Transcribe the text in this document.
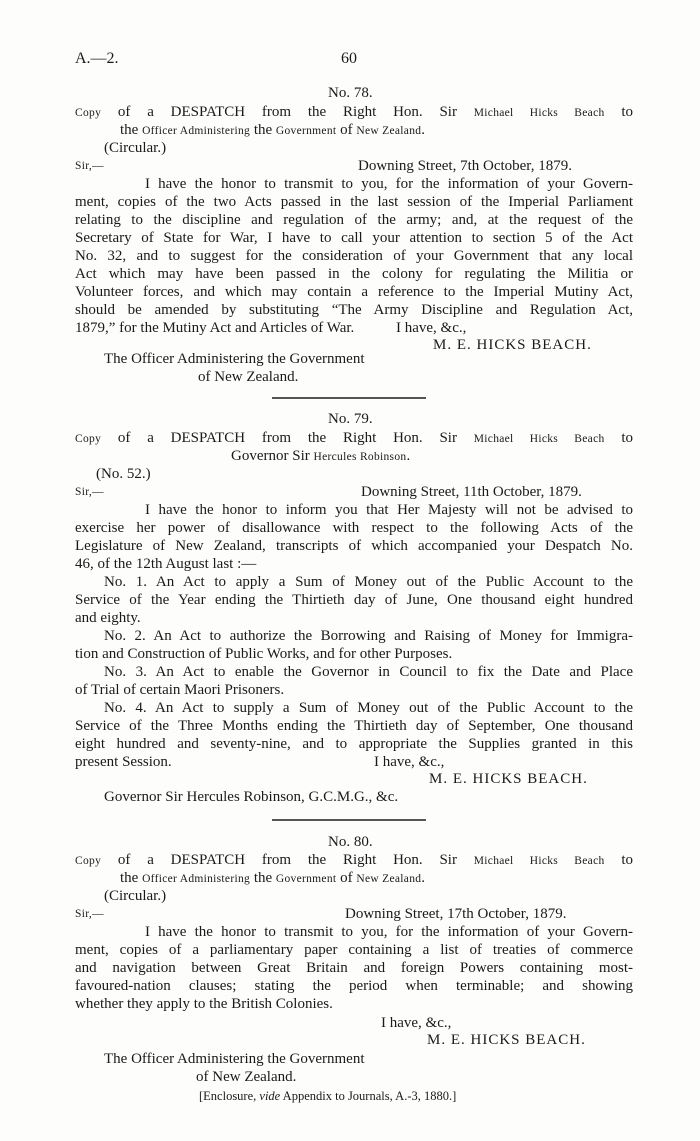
A.—2.	60
No. 78.
Copy of a DESPATCH from the Right Hon. Sir Michael Hicks Beach to
the Officer Administering the Government of New Zealand.
(Circular.)
Sir,—	Downing Street, 7th October, 1879.
I have the honor to transmit to you, for the information of your Govern-
ment, copies of the two Acts passed in the last session of the Imperial Parliament
relating to the discipline and regulation of the army; and, at the request of the
Secretary of State for War, I have to call your attention to section 5 of the Act
No. 32, and to suggest for the consideration of your Government that any local
Act which may have been passed in the colony for regulating the Militia or
Volunteer forces, and which may contain a reference to the Imperial Mutiny Act,
should be amended by substituting “The Army Discipline and Regulation Act,
1879,” for the Mutiny Act and Articles of War.	I have, &c.,
M. E. HICKS BEACH.
The Officer Administering the Government
of New Zealand.
No. 79.
Copy of a DESPATCH from the Right Hon. Sir Michael Hicks Beach to
Governor Sir Hercules Robinson.
(No. 52.)
Sir,—	Downing Street, 11th October, 1879.
I have the honor to inform you that Her Majesty will not be advised to
exercise her power of disallowance with respect to the following Acts of the
Legislature of New Zealand, transcripts of which accompanied your Despatch No.
46, of the 12th August last :—
No. 1. An Act to apply a Sum of Money out of the Public Account to the
Service of the Year ending the Thirtieth day of June, One thousand eight hundred
and eighty.
No. 2. An Act to authorize the Borrowing and Raising of Money for Immigra-
tion and Construction of Public Works, and for other Purposes.
No. 3. An Act to enable the Governor in Council to fix the Date and Place
of Trial of certain Maori Prisoners.
No. 4. An Act to supply a Sum of Money out of the Public Account to the
Service of the Three Months ending the Thirtieth day of September, One thousand
eight hundred and seventy-nine, and to appropriate the Supplies granted in this
present Session.	I have, &c.,
M. E. HICKS BEACH.
Governor Sir Hercules Robinson, G.C.M.G., &c.
No. 80.
Copy of a DESPATCH from the Right Hon. Sir Michael Hicks Beach to
the Officer Administering the Government of New Zealand.
(Circular.)
Sir,—	Downing Street, 17th October, 1879.
I have the honor to transmit to you, for the information of your Govern-
ment, copies of a parliamentary paper containing a list of treaties of commerce
and navigation between Great Britain and foreign Powers containing most-
favoured-nation clauses; stating the period when terminable; and showing
whether they apply to the British Colonies.
I have, &c.,
M. E. HICKS BEACH.
The Officer Administering the Government
of New Zealand.
[Enclosure, vide Appendix to Journals, A.-3, 1880.]
